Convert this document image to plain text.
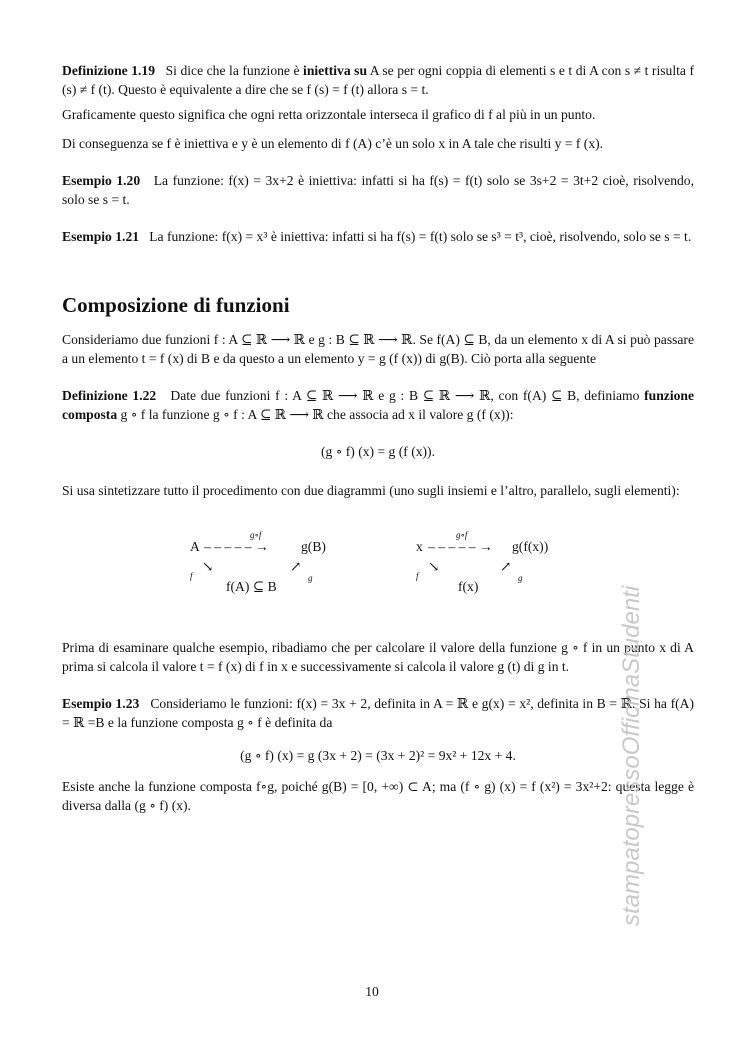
Definizione 1.19 Si dice che la funzione è iniettiva su A se per ogni coppia di elementi s e t di A con s ≠ t risulta f (s) ≠ f (t). Questo è equivalente a dire che se f (s) = f (t) allora s = t.

Graficamente questo significa che ogni retta orizzontale interseca il grafico di f al più in un punto.

Di conseguenza se f è iniettiva e y è un elemento di f (A) c’è un solo x in A tale che risulti y = f (x).

Esempio 1.20 La funzione: f(x) = 3x+2 è iniettiva: infatti si ha f(s) = f(t) solo se 3s+2 = 3t+2 cioè, risolvendo, solo se s = t.

Esempio 1.21 La funzione: f(x) = x³ è iniettiva: infatti si ha f(s) = f(t) solo se s³ = t³, cioè, risolvendo, solo se s = t.

Composizione di funzioni

Consideriamo due funzioni f : A ⊆ ℝ ⟶ ℝ e g : B ⊆ ℝ ⟶ ℝ. Se f(A) ⊆ B, da un elemento x di A si può passare a un elemento t = f (x) di B e da questo a un elemento y = g (f (x)) di g(B). Ciò porta alla seguente

Definizione 1.22 Date due funzioni f : A ⊆ ℝ ⟶ ℝ e g : B ⊆ ℝ ⟶ ℝ, con f(A) ⊆ B, definiamo funzione composta g ∘ f la funzione g ∘ f : A ⊆ ℝ ⟶ ℝ che associa ad x il valore g (f (x)):

(g ∘ f) (x) = g (f (x)).

Si usa sintetizzare tutto il procedimento con due diagrammi (uno sugli insiemi e l’altro, parallelo, sugli elementi):

g∘f
A – – – – – → g(B)
↘	↗
f	g
f(A) ⊆ B
g∘f
x – – – – – → g(f(x))
↘	↗
f	g
f(x)

Prima di esaminare qualche esempio, ribadiamo che per calcolare il valore della funzione g ∘ f in un punto x di A prima si calcola il valore t = f (x) di f in x e successivamente si calcola il valore g (t) di g in t.

Esempio 1.23 Consideriamo le funzioni: f(x) = 3x + 2, definita in A = ℝ e g(x) = x², definita in B = ℝ. Si ha f(A) = ℝ =B e la funzione composta g ∘ f è definita da

(g ∘ f) (x) = g (3x + 2) = (3x + 2)² = 9x² + 12x + 4.

Esiste anche la funzione composta f∘g, poiché g(B) = [0, +∞) ⊂ A; ma (f ∘ g) (x) = f (x²) = 3x²+2: questa legge è diversa dalla (g ∘ f) (x).	stampatopressoOfficinaStudenti
10
